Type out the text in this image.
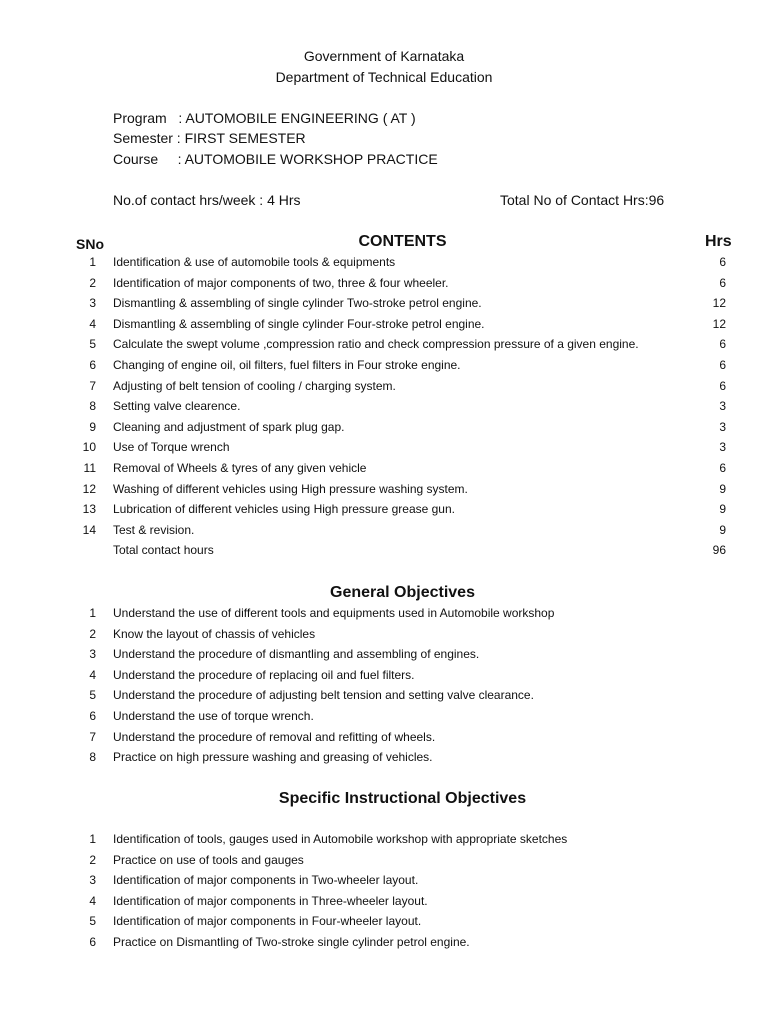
Government of Karnataka
Department of Technical Education
Program   : AUTOMOBILE ENGINEERING ( AT )
Semester : FIRST SEMESTER
Course     : AUTOMOBILE WORKSHOP PRACTICE
No.of contact hrs/week : 4 Hrs	Total No of Contact Hrs:96
SNo	CONTENTS	Hrs
1 Identification & use of automobile tools & equipments	6
2 Identification of major components of two, three & four wheeler.	6
3 Dismantling & assembling of single cylinder Two-stroke petrol engine.	12
4 Dismantling & assembling of single cylinder Four-stroke petrol engine.	12
5 Calculate the swept volume ,compression ratio and check compression pressure of a given engine.	6
6 Changing of engine oil, oil filters, fuel filters in Four stroke engine.	6
7 Adjusting of belt tension of cooling / charging system.	6
8 Setting valve clearence.	3
9 Cleaning and adjustment of spark plug gap.	3
10 Use of Torque wrench	3
11 Removal of Wheels & tyres of any given vehicle	6
12 Washing of different vehicles using High pressure washing system.	9
13 Lubrication of different vehicles using High pressure grease gun.	9
14 Test & revision.	9
Total contact hours	96
General Objectives
1 Understand the use of different tools and equipments used in Automobile workshop
2 Know the layout of chassis of vehicles
3 Understand the procedure of dismantling and assembling of engines.
4 Understand the procedure of replacing oil and fuel filters.
5 Understand the procedure of adjusting belt tension and setting valve clearance.
6 Understand the use of torque wrench.
7 Understand the procedure of removal and refitting of wheels.
8 Practice on high pressure washing and greasing of vehicles.
Specific Instructional Objectives
1 Identification of tools, gauges used in Automobile workshop with appropriate sketches
2 Practice on use of tools and gauges
3 Identification of major components in Two-wheeler layout.
4 Identification of major components in Three-wheeler layout.
5 Identification of major components in Four-wheeler layout.
6 Practice on Dismantling of Two-stroke single cylinder petrol engine.
